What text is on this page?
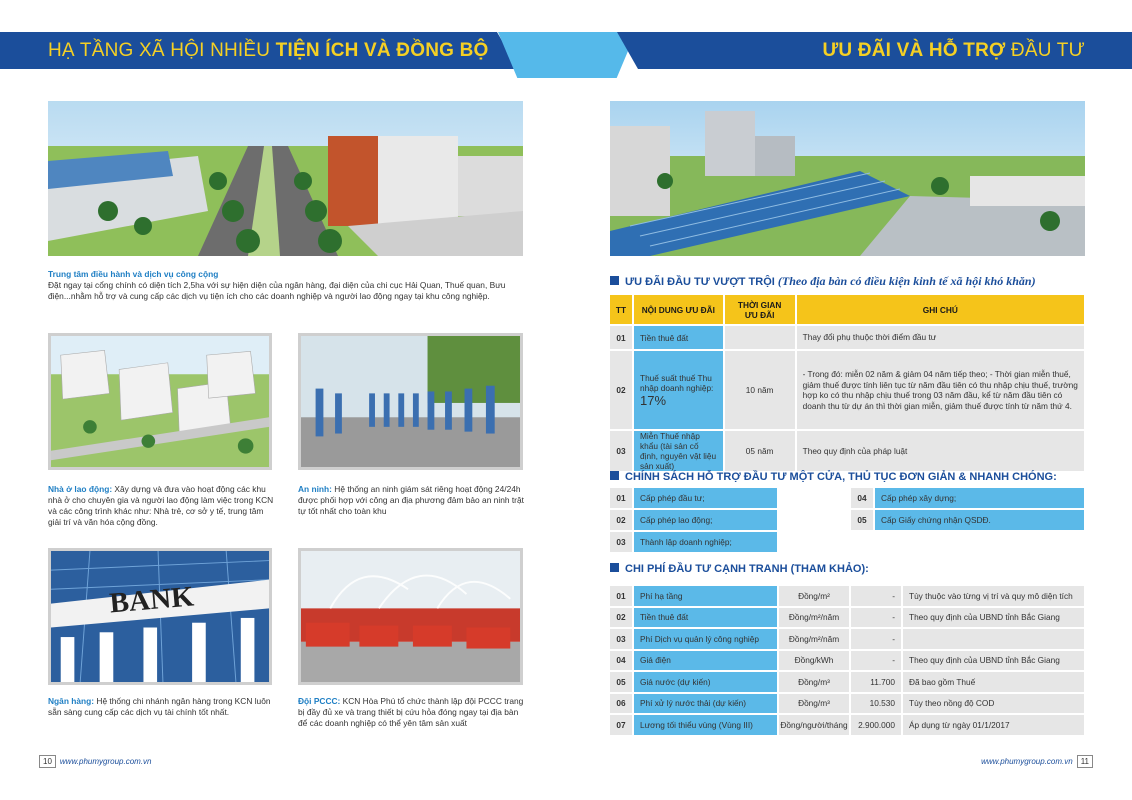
HẠ TẦNG XÃ HỘI NHIỀU TIỆN ÍCH VÀ ĐỒNG BỘ	ƯU ĐÃI VÀ HỖ TRỢ ĐẦU TƯ
Trung tâm điều hành và dịch vụ công cộng
Đặt ngay tại cổng chính có diện tích 2,5ha với sự hiện diện của ngân hàng, đại diện của chi cục Hải Quan, Thuế quan, Bưu điện...nhằm hỗ trợ và cung cấp các dịch vụ tiện ích cho các doanh nghiệp và người lao động ngay tại khu công nghiệp.
Nhà ở lao động: Xây dựng và đưa vào hoạt động các khu nhà ở cho chuyên gia và người lao động làm việc trong KCN và các công trình khác như: Nhà trẻ, cơ sở y tế, trung tâm giải trí và văn hóa cộng đồng.
An ninh: Hệ thống an ninh giám sát riêng hoạt động 24/24h được phối hợp với công an địa phương đảm bảo an ninh trật tự tốt nhất cho toàn khu
BANK
Ngân hàng: Hệ thống chi nhánh ngân hàng trong KCN luôn sẵn sàng cung cấp các dịch vụ tài chính tốt nhất.
Đội PCCC: KCN Hòa Phú tổ chức thành lập đội PCCC trang bị đầy đủ xe và trang thiết bị cứu hỏa đóng ngay tại địa bàn để các doanh nghiệp có thể yên tâm sản xuất
10 www.phumygroup.com.vn
ƯU ĐÃI ĐẦU TƯ VƯỢT TRỘI (Theo địa bàn có điều kiện kinh tế xã hội khó khăn)
TT	NỘI DUNG ƯU ĐÃI	THỜI GIAN ƯU ĐÃI	GHI CHÚ
01	Tiền thuê đất		Thay đổi phụ thuộc thời điểm đầu tư
02	Thuế suất thuế Thu nhập doanh nghiệp: 17%	10 năm	- Trong đó: miễn 02 năm & giảm 04 năm tiếp theo; - Thời gian miễn thuế, giảm thuế được tính liên tục từ năm đầu tiên có thu nhập chịu thuế, trường hợp ko có thu nhập chịu thuế trong 03 năm đầu, kể từ năm đầu tiên có doanh thu từ dự án thì thời gian miễn, giảm thuế được tính từ năm thứ 4.
03	Miễn Thuế nhập khẩu (tài sản cố định, nguyên vật liệu sản xuất)	05 năm	Theo quy định của pháp luật
CHÍNH SÁCH HỖ TRỢ ĐẦU TƯ MỘT CỬA, THỦ TỤC ĐƠN GIẢN & NHANH CHÓNG:
01	Cấp phép đầu tư;		04	Cấp phép xây dựng;
02	Cấp phép lao động;		05	Cấp Giấy chứng nhận QSDĐ.
03	Thành lập doanh nghiệp;			
CHI PHÍ ĐẦU TƯ CẠNH TRANH (THAM KHẢO):
01	Phí hạ tầng	Đồng/m²	-	Tùy thuộc vào từng vị trí và quy mô diện tích
02	Tiền thuê đất	Đồng/m²/năm	-	Theo quy định của UBND tỉnh Bắc Giang
03	Phí Dịch vụ quản lý công nghiệp	Đồng/m²/năm	-	
04	Giá điện	Đồng/kWh	-	Theo quy định của UBND tỉnh Bắc Giang
05	Giá nước (dự kiến)	Đồng/m³	11.700	Đã bao gồm Thuế
06	Phí xử lý nước thải (dự kiến)	Đồng/m³	10.530	Tùy theo nồng độ COD
07	Lương tối thiểu vùng (Vùng III)	Đồng/người/tháng	2.900.000	Áp dụng từ ngày 01/1/2017
www.phumygroup.com.vn 11
